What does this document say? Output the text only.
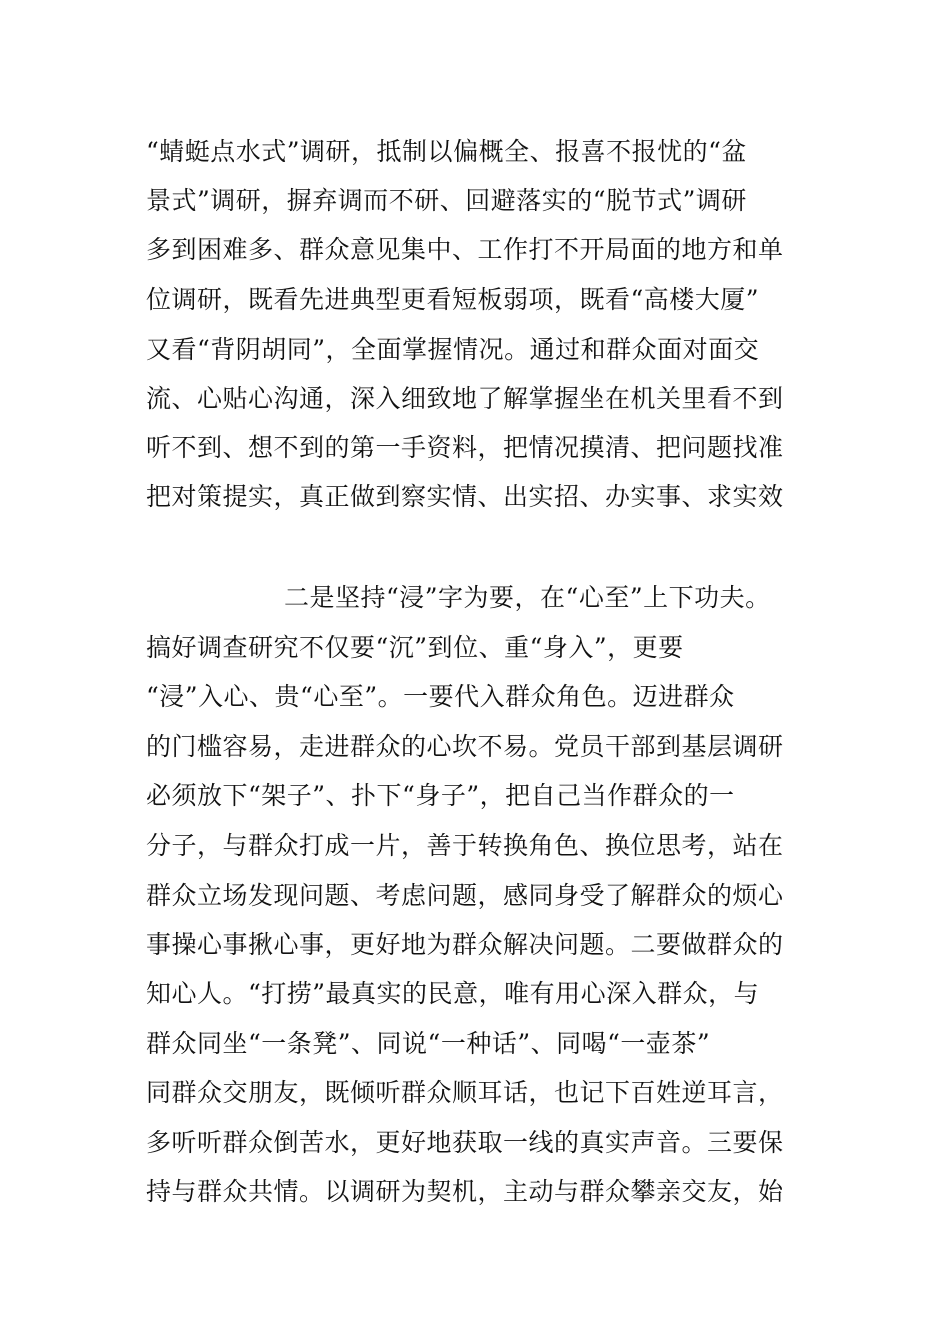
“蜻蜓点水式”调研，抵制以偏概全、报喜不报忧的“盆
景式”调研，摒弃调而不研、回避落实的“脱节式”调研
多到困难多、群众意见集中、工作打不开局面的地方和单
位调研，既看先进典型更看短板弱项，既看“高楼大厦”
又看“背阴胡同”，全面掌握情况。通过和群众面对面交
流、心贴心沟通，深入细致地了解掌握坐在机关里看不到
听不到、想不到的第一手资料，把情况摸清、把问题找准
把对策提实，真正做到察实情、出实招、办实事、求实效
二是坚持“浸”字为要，在“心至”上下功夫。
搞好调查研究不仅要“沉”到位、重“身入”，更要
“浸”入心、贵“心至”。一要代入群众角色。迈进群众
的门槛容易，走进群众的心坎不易。党员干部到基层调研
必须放下“架子”、扑下“身子”，把自己当作群众的一
分子，与群众打成一片，善于转换角色、换位思考，站在
群众立场发现问题、考虑问题，感同身受了解群众的烦心
事操心事揪心事，更好地为群众解决问题。二要做群众的
知心人。“打捞”最真实的民意，唯有用心深入群众，与
群众同坐“一条凳”、同说“一种话”、同喝“一壶茶”
同群众交朋友，既倾听群众顺耳话，也记下百姓逆耳言，
多听听群众倒苦水，更好地获取一线的真实声音。三要保
持与群众共情。以调研为契机，主动与群众攀亲交友，始
